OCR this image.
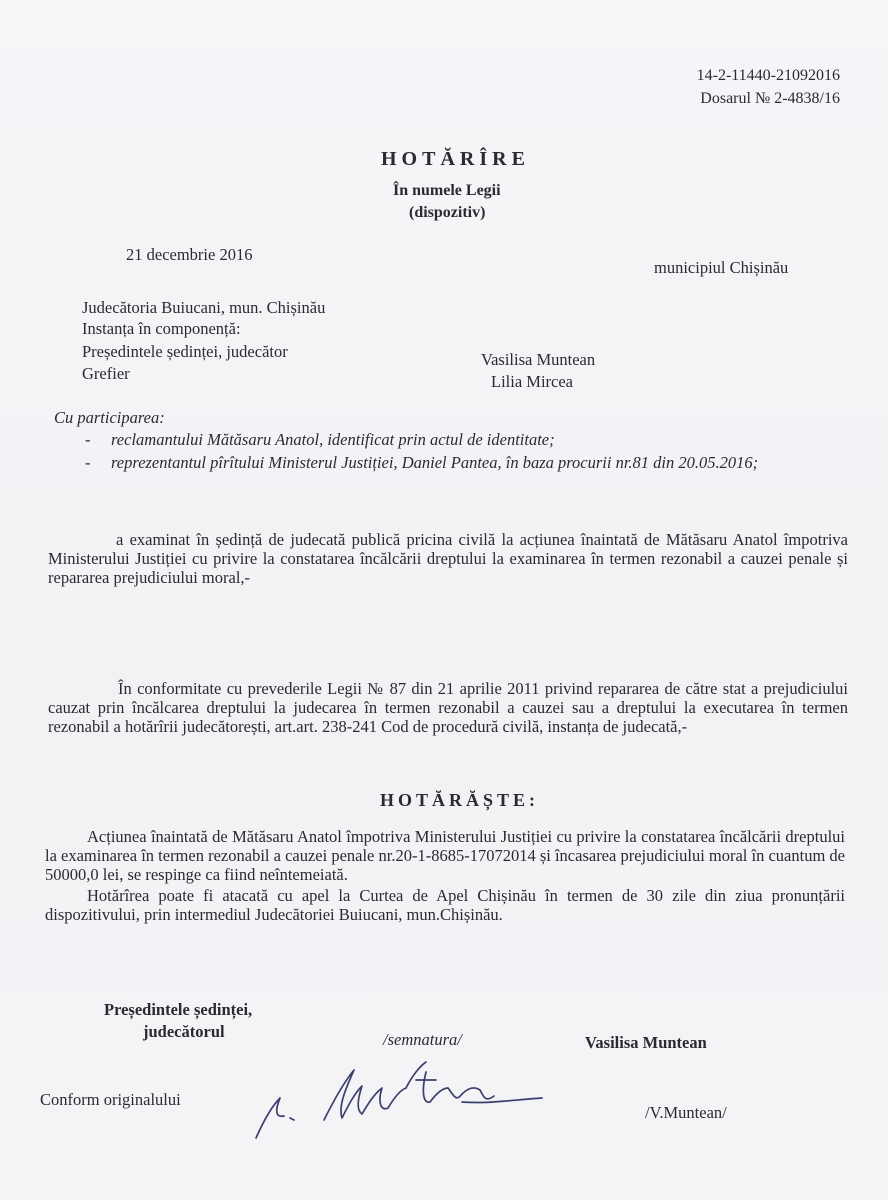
14-2-11440-21092016
Dosarul № 2-4838/16
HOTĂRÎRE
În numele Legii
(dispozitiv)
21 decembrie 2016
municipiul Chișinău
Judecătoria Buiucani, mun. Chișinău
Instanța în componență:
Președintele ședinței, judecător
Grefier
Vasilisa Muntean
Lilia Mircea
Cu participarea:
- reclamantului Mătăsaru Anatol, identificat prin actul de identitate;
- reprezentantul pîrîtului Ministerul Justiției, Daniel Pantea, în baza procurii nr.81 din 20.05.2016;

a examinat în ședință de judecată publică pricina civilă la acțiunea înaintată de Mătăsaru Anatol împotriva Ministerului Justiției cu privire la constatarea încălcării dreptului la examinarea în termen rezonabil a cauzei penale și repararea prejudiciului moral,-

În conformitate cu prevederile Legii № 87 din 21 aprilie 2011 privind repararea de către stat a prejudiciului cauzat prin încălcarea dreptului la judecarea în termen rezonabil a cauzei sau a dreptului la executarea în termen rezonabil a hotărîrii judecătorești, art.art. 238-241 Cod de procedură civilă, instanța de judecată,-

HOTĂRĂȘTE:

Acțiunea înaintată de Mătăsaru Anatol împotriva Ministerului Justiției cu privire la constatarea încălcării dreptului la examinarea în termen rezonabil a cauzei penale nr.20-1-8685-17072014 și încasarea prejudiciului moral în cuantum de 50000,0 lei, se respinge ca fiind neîntemeiată.

Hotărîrea poate fi atacată cu apel la Curtea de Apel Chișinău în termen de 30 zile din ziua pronunțării dispozitivului, prin intermediul Judecătoriei Buiucani, mun.Chișinău.

Președintele ședinței,
judecătorul	/semnatura/	Vasilisa Muntean
Conform originalului
/V.Muntean/
